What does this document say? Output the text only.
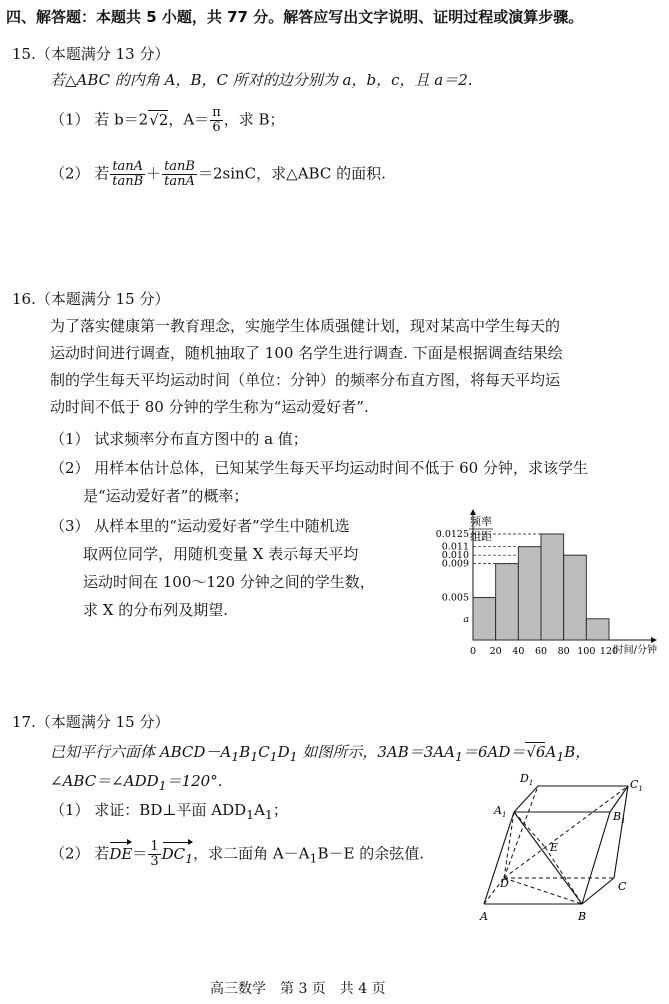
四、解答题：本题共 5 小题，共 77 分。解答应写出文字说明、证明过程或演算步骤。
15.（本题满分 13 分）
若△ABC 的内角 A，B，C 所对的边分别为 a，b，c，且 a＝2.
（1） 若 b＝2√2，$A= \frac{\pi}{6}$ ，求 B；
（2） 若 $\frac{\tan A}{\tan B} + \frac{\tan B}{\tan A} =2\sin C$，求△ABC 的面积.
16.（本题满分 15 分）
为了落实健康第一教育理念，实施学生体质强健计划，现对某高中学生每天的
运动时间进行调查，随机抽取了 100 名学生进行调查. 下面是根据调查结果绘
制的学生每天平均运动时间（单位：分钟）的频率分布直方图，将每天平均运
动时间不低于 80 分钟的学生称为“运动爱好者”.
（1） 试求频率分布直方图中的 a 值；
（2） 用样本估计总体，已知某学生每天平均运动时间不低于 60 分钟，求该学生
是“运动爱好者”的概率；
（3） 从样本里的“运动爱好者”学生中随机选
取两位同学，用随机变量 X 表示每天平均
运动时间在 100～120 分钟之间的学生数，
求 X 的分布列及期望.
0.0125
0.011
0.010
0.009
0.005
a
0 20 40 60 80 100 120
频率
组距
时间/分钟
17.（本题满分 15 分）
已知平行六面体 $ABCD-A_1B_1C_1D_1$ 如图所示，$3AB=3AA_1=6AD=√6A_1B$，
$\angle ABC=\angle ADD_1=120^\circ$.
（1） 求证：BD⊥平面 $ADD_1A_1$；
（2） 若$DE= \frac{1}{3} DC_1$，求二面角 $A-A_1B-E$ 的余弦值.
$D_1$	$C_1$
$A_1$	$B_1$
E
D	C
A	B
高三数学　第 3 页　共 4 页
